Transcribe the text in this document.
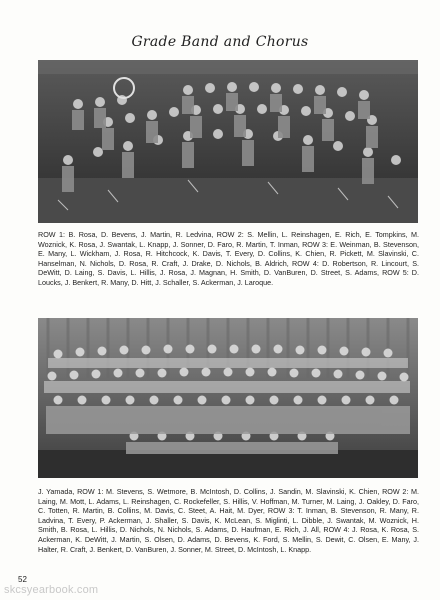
Grade Band and Chorus

ROW 1: B. Rosa, D. Bevens, J. Martin, R. Ledvina, ROW 2: S. Mellin, L. Reinshagen, E. Rich, E. Tompkins, M. Woznick, K. Rosa, J. Swantak, L. Knapp, J. Sonner, D. Faro, R. Martin, T. Inman, ROW 3: E. Weinman, B. Stevenson, E. Many, L. Wickham, J. Rosa, R. Hitchcock, K. Davis, T. Every, D. Collins, K. Chien, R. Pickett, M. Slavinski, C. Hanselman, N. Nichols, D. Rosa, R. Craft, J. Drake, D. Nichols, B. Aldrich, ROW 4: D. Robertson, R. Lincourt, S. DeWitt, D. Laing, S. Davis, L. Hillis, J. Rosa, J. Magnan, H. Smith, D. VanBuren, D. Street, S. Adams, ROW 5: D. Loucks, J. Benkert, R. Many, D. Hitt, J. Schaller, S. Ackerman, J. Laroque.

J. Yamada, ROW 1: M. Stevens, S. Wetmore, B. McIntosh, D. Collins, J. Sandin, M. Slavinski, K. Chien, ROW 2: M. Laing, M. Mott, L. Adams, L. Reinshagen, C. Rockefeller, S. Hillis, V. Hoffman, M. Turner, M. Laing, J. Oakley, D. Faro, C. Totten, R. Martin, B. Collins, M. Davis, C. Steet, A. Hait, M. Dyer, ROW 3: T. Inman, B. Stevenson, R. Many, R. Ladvina, T. Every, P. Ackerman, J. Shaller, S. Davis, K. McLean, S. Miglinti, L. Dibble, J. Swantak, M. Woznick, H. Smith, B. Rosa, L. Hillis, D. Nichols, N. Nichols, S. Adams, D. Haufman, E. Rich, J. All, ROW 4: J. Rosa, K. Rosa, S. Ackerman, K. DeWitt, J. Martin, S. Olsen, D. Adams, D. Bevens, K. Ford, S. Mellin, S. Dewit, C. Olsen, E. Many, J. Halter, R. Craft, J. Benkert, D. VanBuren, J. Sonner, M. Street, D. McIntosh, L. Knapp.

52
skcsyearbook.com
